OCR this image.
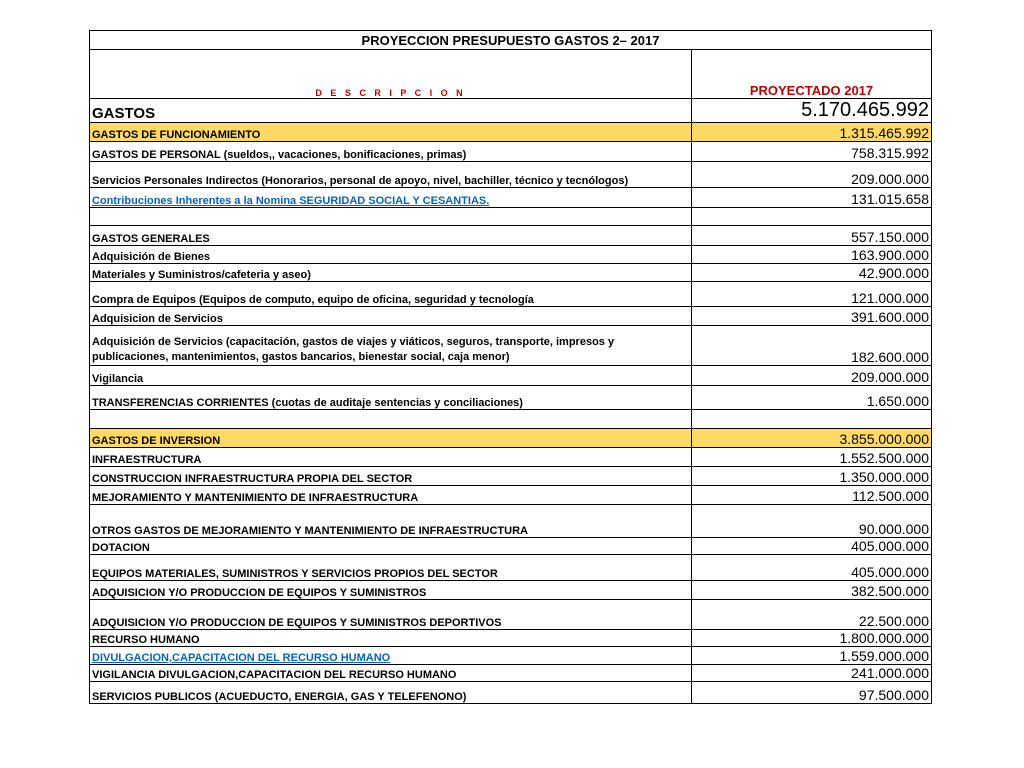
PROYECCION PRESUPUESTO GASTOS 2– 2017	
D E S C R I P C I O N	PROYECTADO 2017
GASTOS	5.170.465.992
GASTOS DE FUNCIONAMIENTO	1.315.465.992
GASTOS DE PERSONAL (sueldos,, vacaciones, bonificaciones, primas)	758.315.992
Servicios Personales Indirectos (Honorarios, personal de apoyo, nivel, bachiller, técnico y tecnólogos)	209.000.000
Contribuciones Inherentes a la Nomina SEGURIDAD SOCIAL Y CESANTIAS.	131.015.658

GASTOS GENERALES	557.150.000
Adquisición de Bienes	163.900.000
Materiales y Suministros/cafeteria y aseo)	42.900.000
Compra de Equipos (Equipos de computo, equipo de oficina, seguridad y tecnología	121.000.000
Adquisicion de Servicios	391.600.000
Adquisición de Servicios (capacitación, gastos de viajes y viáticos, seguros, transporte, impresos y publicaciones, mantenimientos, gastos bancarios, bienestar social, caja menor)	182.600.000
Vigilancia	209.000.000
TRANSFERENCIAS CORRIENTES (cuotas de auditaje sentencias y conciliaciones)	1.650.000

GASTOS DE INVERSION	3.855.000.000
INFRAESTRUCTURA	1.552.500.000
CONSTRUCCION INFRAESTRUCTURA PROPIA DEL SECTOR	1.350.000.000
MEJORAMIENTO Y MANTENIMIENTO DE INFRAESTRUCTURA	112.500.000
OTROS GASTOS DE MEJORAMIENTO Y MANTENIMIENTO DE INFRAESTRUCTURA	90.000.000
DOTACION	405.000.000
EQUIPOS MATERIALES, SUMINISTROS Y SERVICIOS PROPIOS DEL SECTOR	405.000.000
ADQUISICION Y/O PRODUCCION DE EQUIPOS Y SUMINISTROS	382.500.000
ADQUISICION Y/O PRODUCCION DE EQUIPOS Y SUMINISTROS DEPORTIVOS	22.500.000
RECURSO HUMANO	1.800.000.000
DIVULGACION,CAPACITACION DEL RECURSO HUMANO	1.559.000.000
VIGILANCIA DIVULGACION,CAPACITACION DEL RECURSO HUMANO	241.000.000
SERVICIOS PUBLICOS (ACUEDUCTO, ENERGIA, GAS Y TELEFENONO)	97.500.000
